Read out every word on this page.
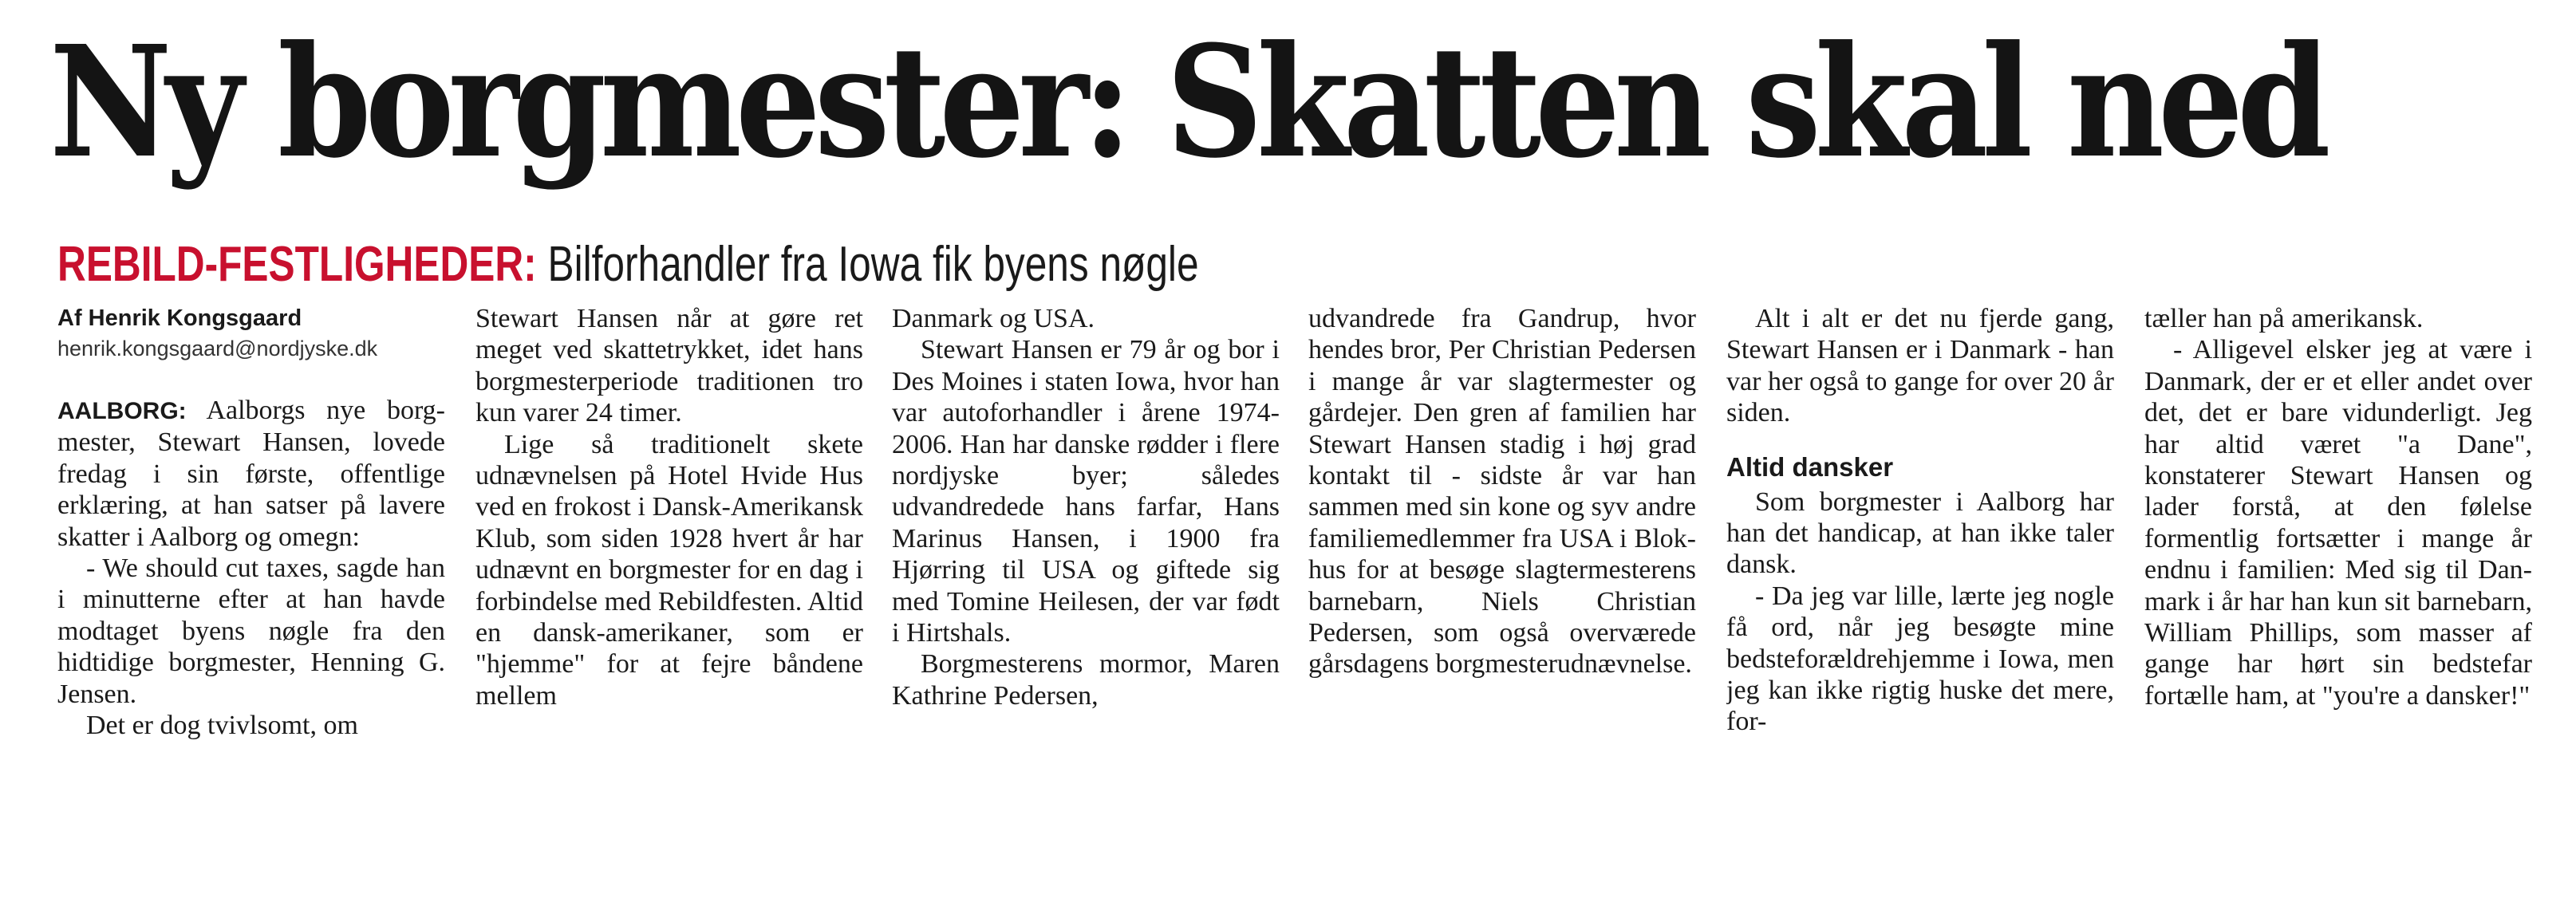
Ny borgmester: Skatten skal ned
REBILD-FESTLIGHEDER: Bilforhandler fra Iowa fik byens nøgle

Af Henrik Kongsgaard

henrik.kongsgaard@nordjyske.dk

AALBORG: Aalborgs nye borgmester, Stewart Hansen, lovede fredag i sin første, offentlige erklæring, at han satser på lavere skatter i Aalborg og omegn:

- We should cut taxes, sagde han i minutterne efter at han havde modtaget byens nøgle fra den hidtidige borgmester, Henning G. Jensen.

Det er dog tvivlsomt, om

Stewart Hansen når at gøre ret meget ved skattetrykket, idet hans borgmesterperiode traditionen tro kun varer 24 timer.

Lige så traditionelt skete udnævnelsen på Hotel Hvide Hus ved en frokost i Dansk-Amerikansk Klub, som siden 1928 hvert år har udnævnt en borgmester for en dag i forbindelse med Rebildfesten. Altid en dansk-amerikaner, som er "hjemme" for at fejre båndene mellem

Danmark og USA.

Stewart Hansen er 79 år og bor i Des Moines i staten Iowa, hvor han var autoforhandler i årene 1974-2006. Han har danske rødder i flere nordjyske byer; således udvandrededе hans farfar, Hans Marinus Hansen, i 1900 fra Hjørring til USA og giftede sig med Tomine Heilesen, der var født i Hirtshals.

Borgmesterens mormor, Maren Kathrine Pedersen,

udvandrede fra Gandrup, hvor hendes bror, Per Christian Pedersen i mange år var slagtermester og gårdejer. Den gren af familien har Stewart Hansen stadig i høj grad kontakt til - sidste år var han sammen med sin kone og syv andre familiemedlemmer fra USA i Blokhus for at besøge slagtermesterens barnebarn, Niels Christian Pedersen, som også overværede gårsdagens borgmesterudnævnelse.

Alt i alt er det nu fjerde gang, Stewart Hansen er i Danmark - han var her også to gange for over 20 år siden.

Altid dansker

Som borgmester i Aalborg har han det handicap, at han ikke taler dansk.

- Da jeg var lille, lærte jeg nogle få ord, når jeg besøgte mine bedsteforældrehjemme i Iowa, men jeg kan ikke rigtig huske det mere, for-

tæller han på amerikansk.

- Alligevel elsker jeg at være i Danmark, der er et eller andet over det, det er bare vidunderligt. Jeg har altid været "a Dane", konstaterer Stewart Hansen og lader forstå, at den følelse formentlig fortsætter i mange år endnu i familien: Med sig til Danmark i år har han kun sit barnebarn, William Phillips, som masser af gange har hørt sin bedstefar fortælle ham, at "you're a dansker!"
